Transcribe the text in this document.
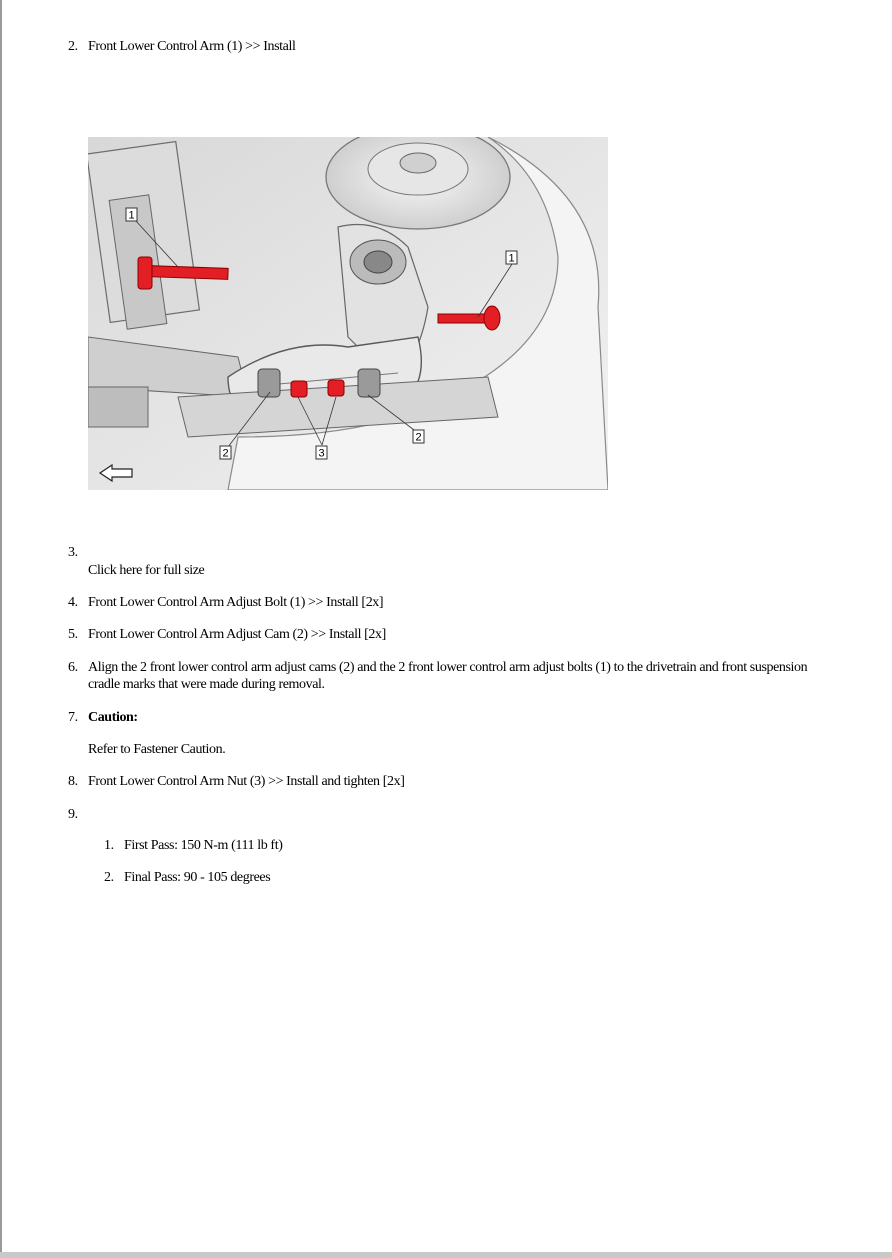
2. Front Lower Control Arm (1) >> Install
1
1
2
2
3
3.
Click here for full size
4. Front Lower Control Arm Adjust Bolt (1) >> Install [2x]
5. Front Lower Control Arm Adjust Cam (2) >> Install [2x]
6. Align the 2 front lower control arm adjust cams (2) and the 2 front lower control arm adjust bolts (1) to the drivetrain and front suspension
cradle marks that were made during removal.
7. Caution:
Refer to Fastener Caution.
8. Front Lower Control Arm Nut (3) >> Install and tighten [2x]
9.
1. First Pass: 150 N-m (111 lb ft)
2. Final Pass: 90 - 105 degrees
